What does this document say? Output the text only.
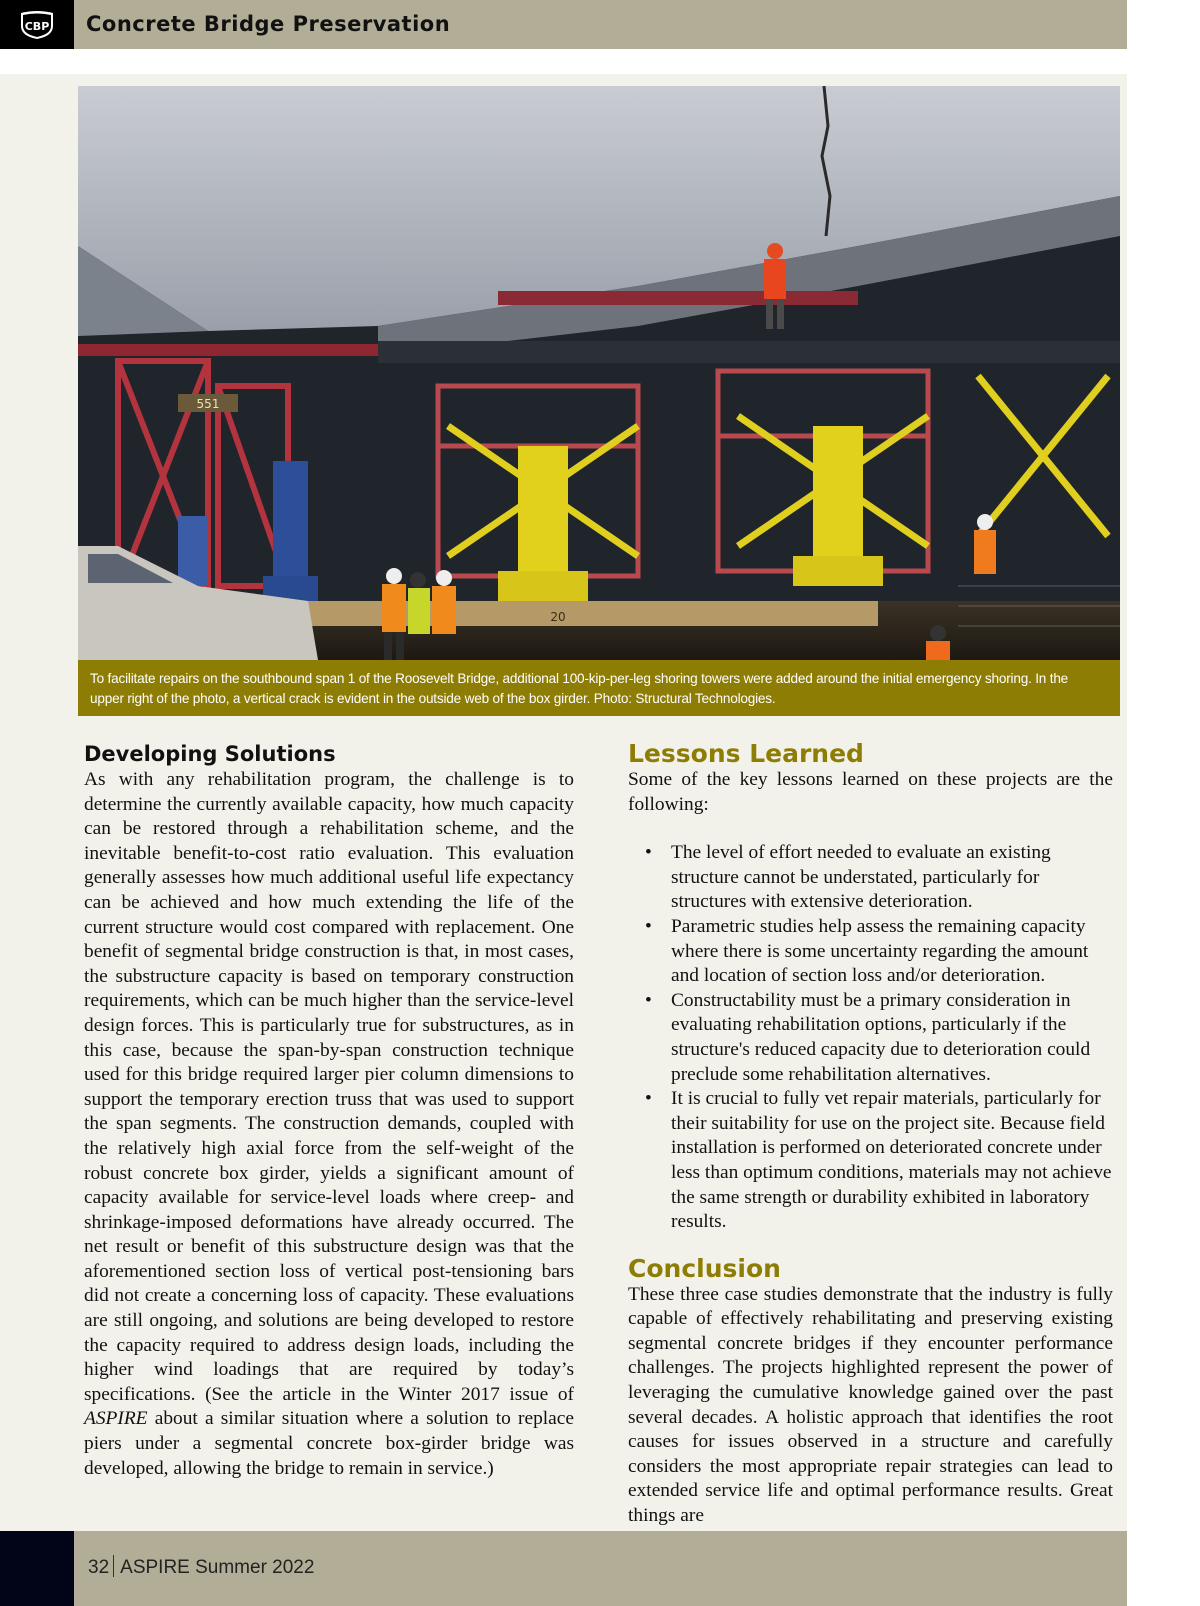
CBP Concrete Bridge Preservation
551
20
To facilitate repairs on the southbound span 1 of the Roosevelt Bridge, additional 100-kip-per-leg shoring towers were added around the initial emergency shoring. In the upper right of the photo, a vertical crack is evident in the outside web of the box girder. Photo: Structural Technologies.
Developing Solutions

As with any rehabilitation program, the challenge is to determine the currently available capacity, how much capacity can be restored through a rehabilitation scheme, and the inevitable benefit-to-cost ratio evaluation. This evaluation generally assesses how much additional useful life expectancy can be achieved and how much extending the life of the current structure would cost compared with replacement. One benefit of segmental bridge construction is that, in most cases, the substructure capacity is based on temporary construction requirements, which can be much higher than the service-level design forces. This is particularly true for substructures, as in this case, because the span-by-span construction technique used for this bridge required larger pier column dimensions to support the temporary erection truss that was used to support the span segments. The construction demands, coupled with the relatively high axial force from the self-weight of the robust concrete box girder, yields a significant amount of capacity available for service-level loads where creep- and shrinkage-imposed deformations have already occurred. The net result or benefit of this substructure design was that the aforementioned section loss of vertical post-tensioning bars did not create a concerning loss of capacity. These evaluations are still ongoing, and solutions are being developed to restore the capacity required to address design loads, including the higher wind loadings that are required by today’s specifications. (See the article in the Winter 2017 issue of ASPIRE about a similar situation where a solution to replace piers under a segmental concrete box-girder bridge was developed, allowing the bridge to remain in service.)

Lessons Learned

Some of the key lessons learned on these projects are the following:

• The level of effort needed to evaluate an existing structure cannot be understated, particularly for structures with extensive deterioration.
• Parametric studies help assess the remaining capacity where there is some uncertainty regarding the amount and location of section loss and/or deterioration.
• Constructability must be a primary consideration in evaluating rehabilitation options, particularly if the structure's reduced capacity due to deterioration could preclude some rehabilitation alternatives.
• It is crucial to fully vet repair materials, particularly for their suitability for use on the project site. Because field installation is performed on deteriorated concrete under less than optimum conditions, materials may not achieve the same strength or durability exhibited in laboratory results.
Conclusion

These three case studies demonstrate that the industry is fully capable of effectively rehabilitating and preserving existing segmental concrete bridges if they encounter performance challenges. The projects highlighted represent the power of leveraging the cumulative knowledge gained over the past several decades. A holistic approach that identifies the root causes for issues observed in a structure and carefully considers the most appropriate repair strategies can lead to extended service life and optimal performance results. Great things are

32 ASPIRE Summer 2022
